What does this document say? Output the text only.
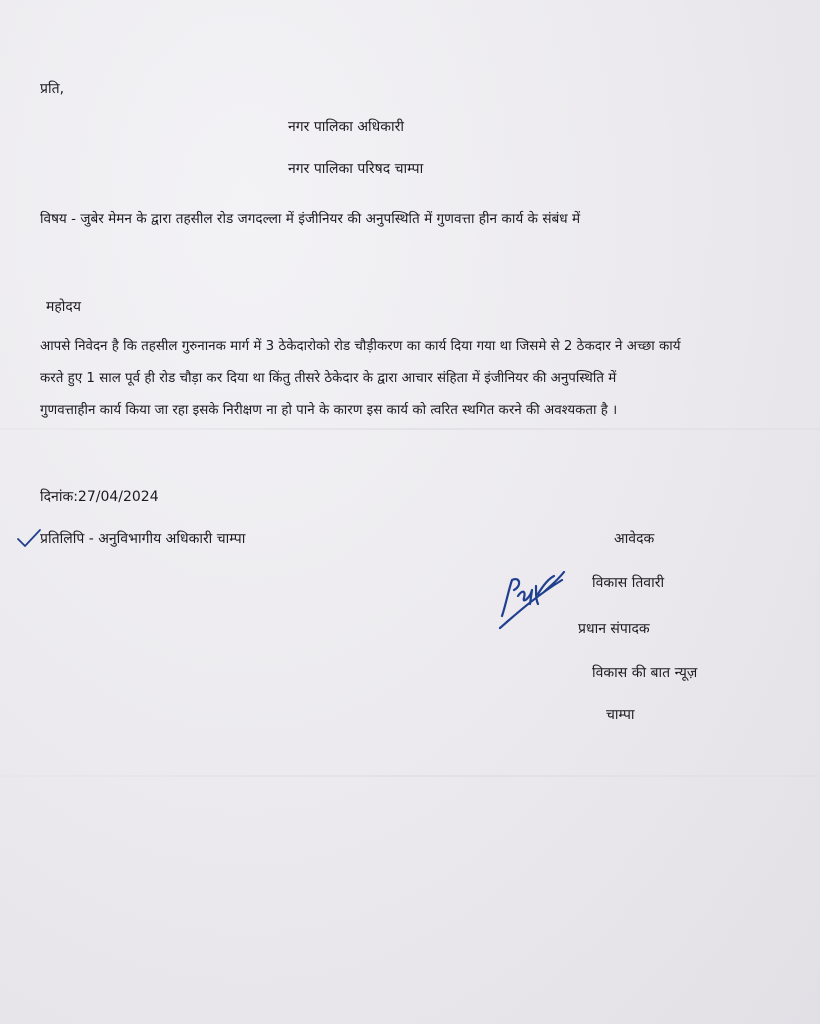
प्रति,
नगर पालिका अधिकारी
नगर पालिका परिषद चाम्पा
विषय - जुबेर मेमन के द्वारा तहसील रोड जगदल्ला में इंजीनियर की अनुपस्थिति में गुणवत्ता हीन कार्य के संबंध में
महोदय
आपसे निवेदन है कि तहसील गुरुनानक मार्ग में 3 ठेकेदारोको रोड चौड़ीकरण का कार्य दिया गया था जिसमे से 2 ठेकदार ने अच्छा कार्य
करते हुए 1 साल पूर्व ही रोड चौड़ा कर दिया था किंतु तीसरे ठेकेदार के द्वारा आचार संहिता में इंजीनियर की अनुपस्थिति में
गुणवत्ताहीन कार्य किया जा रहा इसके निरीक्षण ना हो पाने के कारण इस कार्य को त्वरित स्थगित करने की अवश्यकता है ।
दिनांक:27/04/2024
प्रतिलिपि - अनुविभागीय अधिकारी चाम्पा	आवेदक
विकास तिवारी
प्रधान संपादक
विकास की बात न्यूज़
चाम्पा
